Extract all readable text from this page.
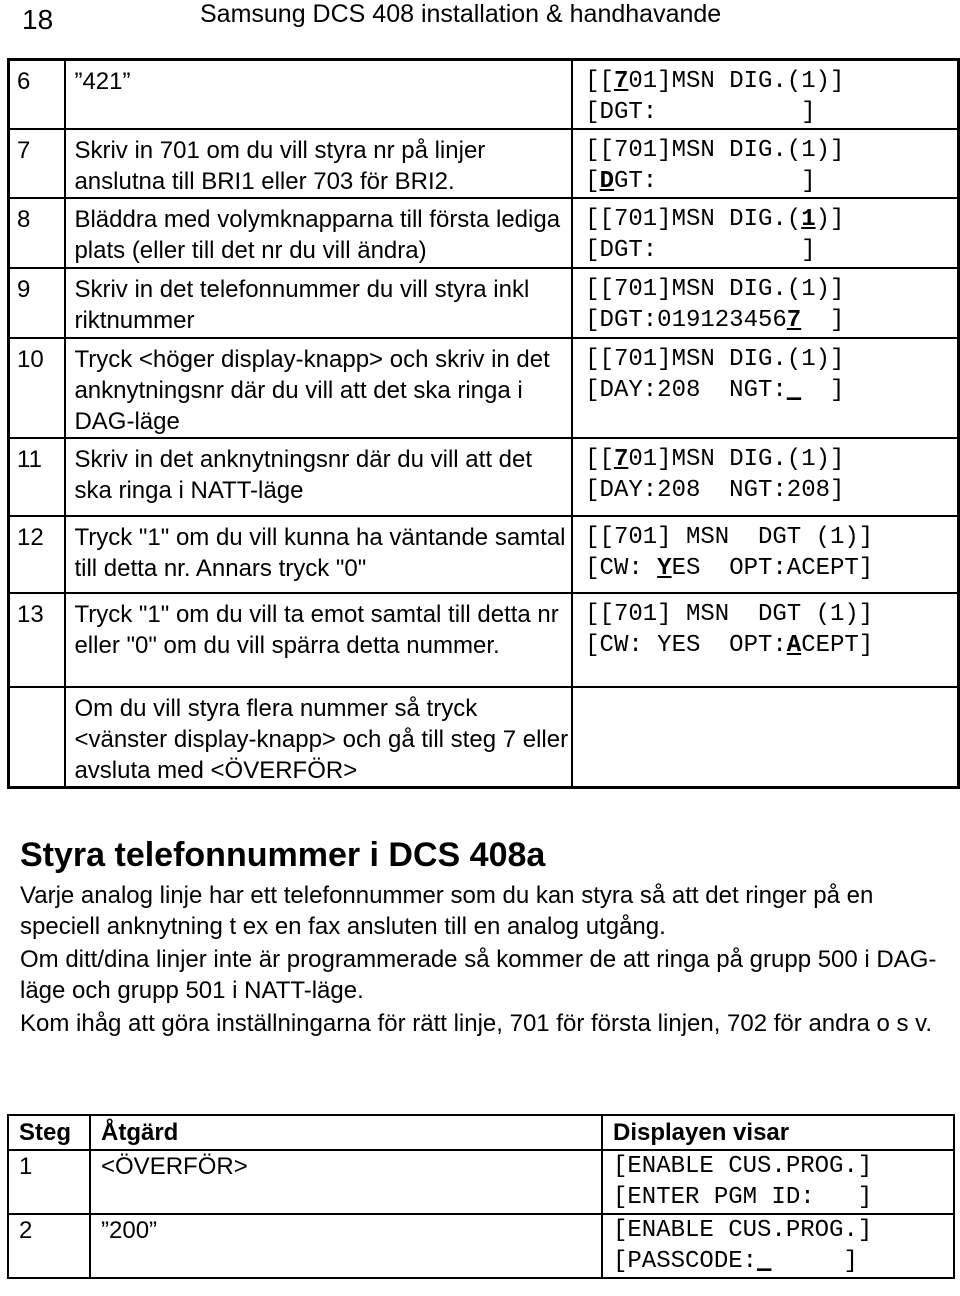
18	Samsung DCS 408 installation & handhavande
6	”421”	[[701]MSN DIG.(1)]
[DGT:          ]

7	Skriv in 701 om du vill styra nr på linjer anslutna till BRI1 eller 703 för BRI2.	[[701]MSN DIG.(1)]
[DGT:          ]

8	Bläddra med volymknapparna till första lediga plats (eller till det nr du vill ändra)	[[701]MSN DIG.(1)]
[DGT:          ]

9	Skriv in det telefonnummer du vill styra inkl riktnummer	[[701]MSN DIG.(1)]
[DGT:0191234567  ]

10	Tryck <höger display-knapp> och skriv in det anknytningsnr där du vill att det ska ringa i DAG-läge	[[701]MSN DIG.(1)]
[DAY:208  NGT:_  ]

11	Skriv in det anknytningsnr där du vill att det ska ringa i NATT-läge	[[701]MSN DIG.(1)]
[DAY:208  NGT:208]

12	Tryck "1" om du vill kunna ha väntande samtal till detta nr. Annars tryck "0"	[[701] MSN  DGT (1)]
[CW: YES  OPT:ACEPT]

13	Tryck "1" om du vill ta emot samtal till detta nr eller "0" om du vill spärra detta nummer.	[[701] MSN  DGT (1)]
[CW: YES  OPT:ACEPT]

	Om du vill styra flera nummer så tryck <vänster display-knapp> och gå till steg 7 eller avsluta med <ÖVERFÖR>	
Styra telefonnummer i DCS 408a

Varje analog linje har ett telefonnummer som du kan styra så att det ringer på en speciell anknytning t ex en fax ansluten till en analog utgång.

Om ditt/dina linjer inte är programmerade så kommer de att ringa på grupp 500 i DAG-läge och grupp 501 i NATT-läge.

Kom ihåg att göra inställningarna för rätt linje, 701 för första linjen, 702 för andra o s v.

Steg	Åtgärd	Displayen visar
1	<ÖVERFÖR>	[ENABLE CUS.PROG.]
[ENTER PGM ID:   ]

2	”200”	[ENABLE CUS.PROG.]
[PASSCODE:_     ]
